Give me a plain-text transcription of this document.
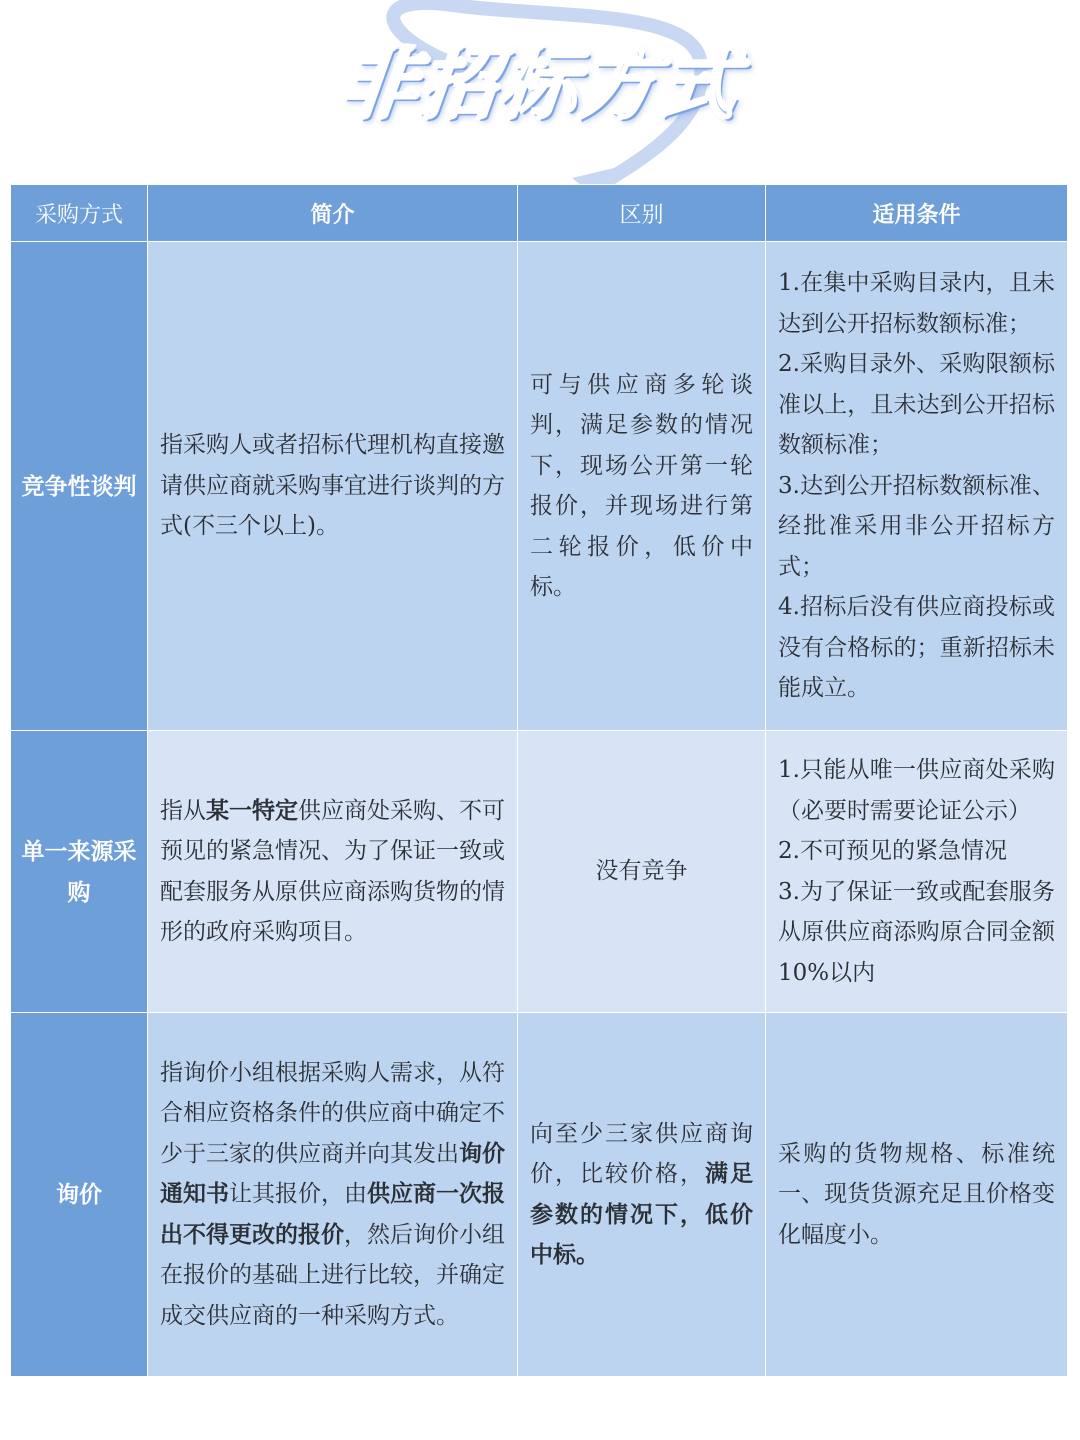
非招标方式
采购方式	简介	区别	适用条件
竞争性谈判	指采购人或者招标代理机构直接邀请供应商就采购事宜进行谈判的方式(不三个以上)。	可与供应商多轮谈判，满足参数的情况下，现场公开第一轮报价，并现场进行第二轮报价，低价中标。	1.在集中采购目录内，且未达到公开招标数额标准；
2.采购目录外、采购限额标准以上，且未达到公开招标数额标准；
3.达到公开招标数额标准、经批准采用非公开招标方式；
4.招标后没有供应商投标或没有合格标的；重新招标未能成立。

单一来源采购	指从某一特定供应商处采购、不可预见的紧急情况、为了保证一致或配套服务从原供应商添购货物的情形的政府采购项目。	没有竞争	1.只能从唯一供应商处采购（必要时需要论证公示）
2.不可预见的紧急情况
3.为了保证一致或配套服务从原供应商添购原合同金额10%以内

询价	指询价小组根据采购人需求，从符合相应资格条件的供应商中确定不少于三家的供应商并向其发出询价通知书让其报价，由供应商一次报出不得更改的报价，然后询价小组在报价的基础上进行比较，并确定成交供应商的一种采购方式。	向至少三家供应商询价，比较价格，满足参数的情况下，低价中标。	采购的货物规格、标准统一、现货货源充足且价格变化幅度小。
